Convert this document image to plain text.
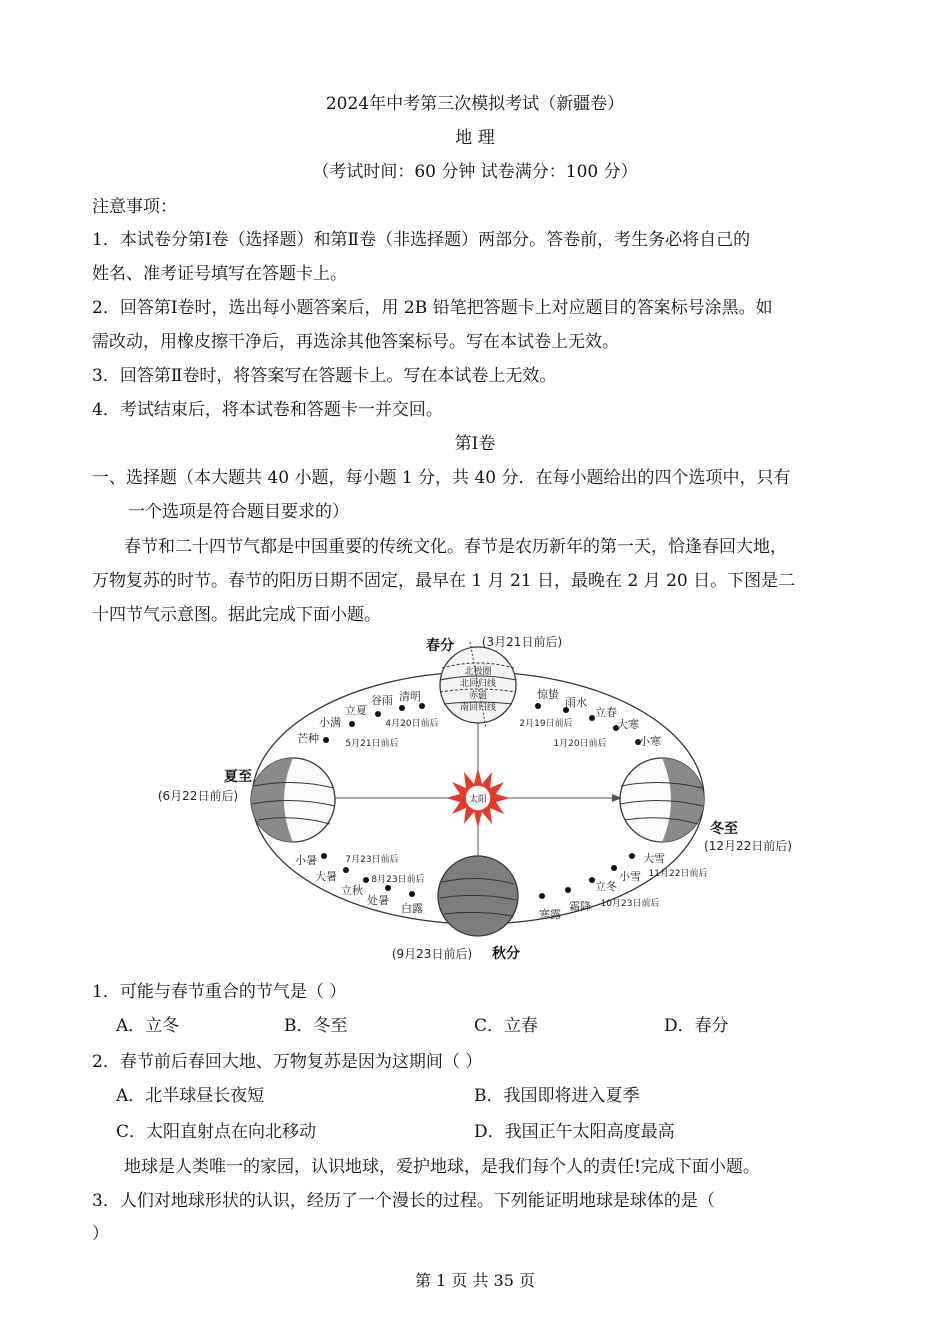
2024年中考第三次模拟考试（新疆卷）
地 理
（考试时间：60 分钟 试卷满分：100 分）
注意事项：
1．本试卷分第Ⅰ卷（选择题）和第Ⅱ卷（非选择题）两部分。答卷前，考生务必将自己的
姓名、准考证号填写在答题卡上。
2．回答第Ⅰ卷时，选出每小题答案后，用 2B 铅笔把答题卡上对应题目的答案标号涂黑。如
需改动，用橡皮擦干净后，再选涂其他答案标号。写在本试卷上无效。
3．回答第Ⅱ卷时，将答案写在答题卡上。写在本试卷上无效。
4．考试结束后，将本试卷和答题卡一并交回。
第Ⅰ卷
一、选择题（本大题共 40 小题，每小题 1 分，共 40 分．在每小题给出的四个选项中，只有
一个选项是符合题目要求的）
春节和二十四节气都是中国重要的传统文化。春节是农历新年的第一天，恰逢春回大地，
万物复苏的时节。春节的阳历日期不固定，最早在 1 月 21 日，最晚在 2 月 20 日。下图是二
十四节气示意图。据此完成下面小题。
太阳
北极圈
北回归线
赤道
南回归线
春分 (3月21日前后)
夏至
(6月22日前后)
冬至
(12月22日前后)
(9月23日前后) 秋分
清明
谷雨
立夏
小满
芒种
4月20日前后
5月21日前后
惊蛰
雨水
立春
大寒
小寒
2月19日前后
1月20日前后
小暑
大暑
立秋
处暑
白露
7月23日前后
8月23日前后
大雪
小雪
立冬
霜降
寒露
11月22日前后
10月23日前后
1．可能与春节重合的节气是（ ）
A．立冬	B．冬至	C．立春	D．春分
2．春节前后春回大地、万物复苏是因为这期间（ ）
A．北半球昼长夜短	B．我国即将进入夏季
C．太阳直射点在向北移动	D．我国正午太阳高度最高
地球是人类唯一的家园，认识地球，爱护地球，是我们每个人的责任!完成下面小题。
3．人们对地球形状的认识，经历了一个漫长的过程。下列能证明地球是球体的是（
）
第 1 页 共 35 页
